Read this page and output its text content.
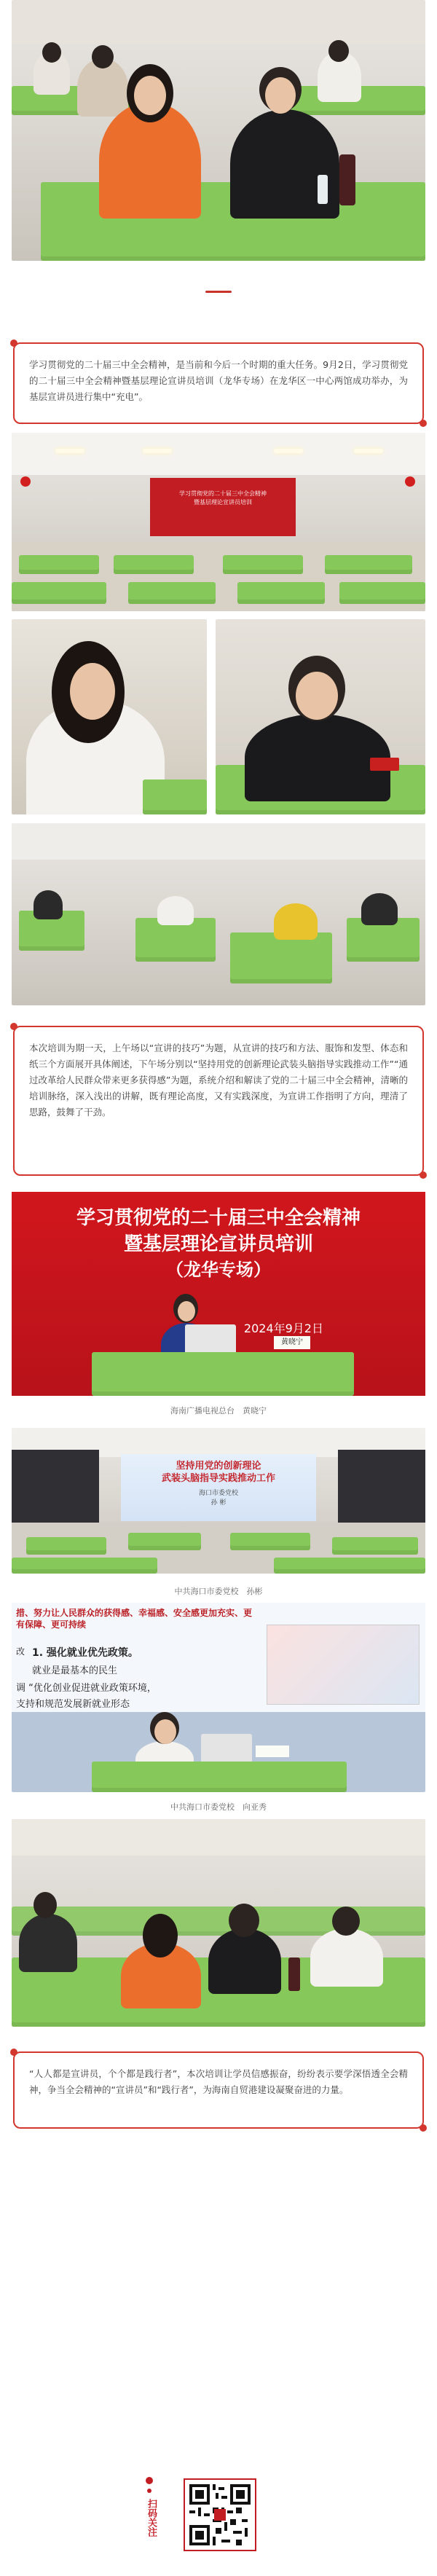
学习贯彻党的二十届三中全会精神，是当前和今后一个时期的重大任务。9月2日，学习贯彻党的二十届三中全会精神暨基层理论宣讲员培训（龙华专场）在龙华区一中心两馆成功举办，为基层宣讲员进行集中“充电”。

学习贯彻党的二十届三中全会精神
暨基层理论宣讲员培训

本次培训为期一天，上午场以“宣讲的技巧”为题，从宣讲的技巧和方法、服饰和发型、体态和纸三个方面展开具体阐述，下午场分别以“坚持用党的创新理论武装头脑指导实践推动工作”“通过改革给人民群众带来更多获得感”为题，系统介绍和解读了党的二十届三中全会精神，清晰的培训脉络，深入浅出的讲解，既有理论高度，又有实践深度，为宣讲工作指明了方向，理清了思路，鼓舞了干劲。

学习贯彻党的二十届三中全会精神
暨基层理论宣讲员培训
（龙华专场）
2024年9月2日
黄晓宁
海南广播电视总台　黄晓宁
坚持用党的创新理论
武装头脑指导实践推动工作
海口市委党校
孙 彬
中共海口市委党校　孙彬
措、努力让人民群众的获得感、幸福感、安全感更加充实、更有保障、更可持续
改 1. 强化就业优先政策。
就业是最基本的民生
调 “优化创业促进就业政策环境，
支持和规范发展新就业形态
中共海口市委党校　向亚秀

“人人都是宣讲员，个个都是践行者”，本次培训让学员信感振奋，纷纷表示要学深悟透全会精神，争当全会精神的“宣讲员”和“践行者”，为海南自贸港建设凝聚奋进的力量。

扫码关注
